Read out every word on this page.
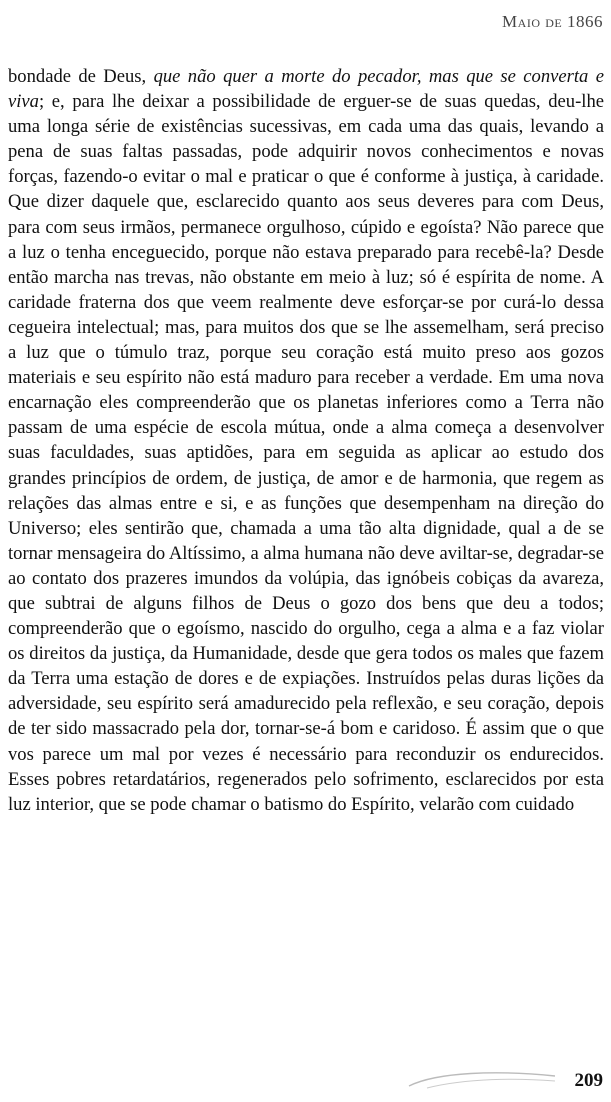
Maio de 1866
bondade de Deus, que não quer a morte do pecador, mas que se converta e viva; e, para lhe deixar a possibilidade de erguer-se de suas quedas, deu-lhe uma longa série de existências sucessivas, em cada uma das quais, levando a pena de suas faltas passadas, pode adquirir novos conhecimentos e novas forças, fazendo-o evitar o mal e praticar o que é conforme à justiça, à caridade. Que dizer daquele que, esclarecido quanto aos seus deveres para com Deus, para com seus irmãos, permanece orgulhoso, cúpido e egoísta? Não parece que a luz o tenha enceguecido, porque não estava preparado para recebê-la? Desde então marcha nas trevas, não obstante em meio à luz; só é espírita de nome. A caridade fraterna dos que veem realmente deve esforçar-se por curá-lo dessa cegueira intelectual; mas, para muitos dos que se lhe assemelham, será preciso a luz que o túmulo traz, porque seu coração está muito preso aos gozos materiais e seu espírito não está maduro para receber a verdade. Em uma nova encarnação eles compreenderão que os planetas inferiores como a Terra não passam de uma espécie de escola mútua, onde a alma começa a desenvolver suas faculdades, suas aptidões, para em seguida as aplicar ao estudo dos grandes princípios de ordem, de justiça, de amor e de harmonia, que regem as relações das almas entre e si, e as funções que desempenham na direção do Universo; eles sentirão que, chamada a uma tão alta dignidade, qual a de se tornar mensageira do Altíssimo, a alma humana não deve aviltar-se, degradar-se ao contato dos prazeres imundos da volúpia, das ignóbeis cobiças da avareza, que subtrai de alguns filhos de Deus o gozo dos bens que deu a todos; compreenderão que o egoísmo, nascido do orgulho, cega a alma e a faz violar os direitos da justiça, da Humanidade, desde que gera todos os males que fazem da Terra uma estação de dores e de expiações. Instruídos pelas duras lições da adversidade, seu espírito será amadurecido pela reflexão, e seu coração, depois de ter sido massacrado pela dor, tornar-se-á bom e caridoso. É assim que o que vos parece um mal por vezes é necessário para reconduzir os endurecidos. Esses pobres retardatários, regenerados pelo sofrimento, esclarecidos por esta luz interior, que se pode chamar o batismo do Espírito, velarão com cuidado
209
